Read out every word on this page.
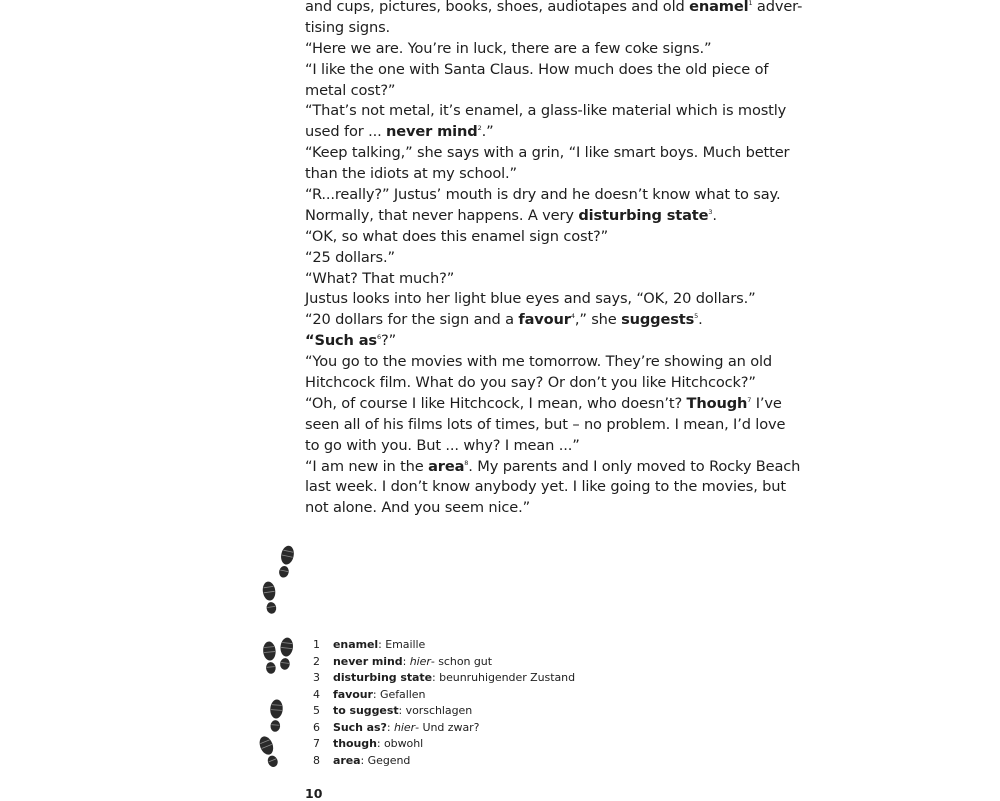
and cups, pictures, books, shoes, audiotapes and old enamel$^1$ adver-
tising signs.
“Here we are. You’re in luck, there are a few coke signs.”
“I like the one with Santa Claus. How much does the old piece of
metal cost?”
“That’s not metal, it’s enamel, a glass-like material which is mostly
used for ... never mind$^2$.”
“Keep talking,” she says with a grin, “I like smart boys. Much better
than the idiots at my school.”
“R...really?” Justus’ mouth is dry and he doesn’t know what to say.
Normally, that never happens. A very disturbing state$^3$.
“OK, so what does this enamel sign cost?”
“25 dollars.”
“What? That much?”
Justus looks into her light blue eyes and says, “OK, 20 dollars.”
“20 dollars for the sign and a favour$^4$,” she suggests$^5$.
“Such $as^6$?”
“You go to the movies with me tomorrow. They’re showing an old
Hitchcock film. What do you say? Or don’t you like Hitchcock?”
“Oh, of course I like Hitchcock, I mean, who doesn’t? Though$^7$ I’ve
seen all of his films lots of times, but – no problem. I mean, I’d love
to go with you. But ... why? I mean ...”
“I am new in the area$^8$. My parents and I only moved to Rocky Beach
last week. I don’t know anybody yet. I like going to the movies, but
not alone. And you seem nice.”
1 enamel: Emaille
2 never mind: hier- schon gut
3 disturbing state: beunruhigender Zustand
4 favour: Gefallen
5 to suggest: vorschlagen
6 Such as?: hier- Und zwar?
7 though: obwohl
8 area: Gegend
10
